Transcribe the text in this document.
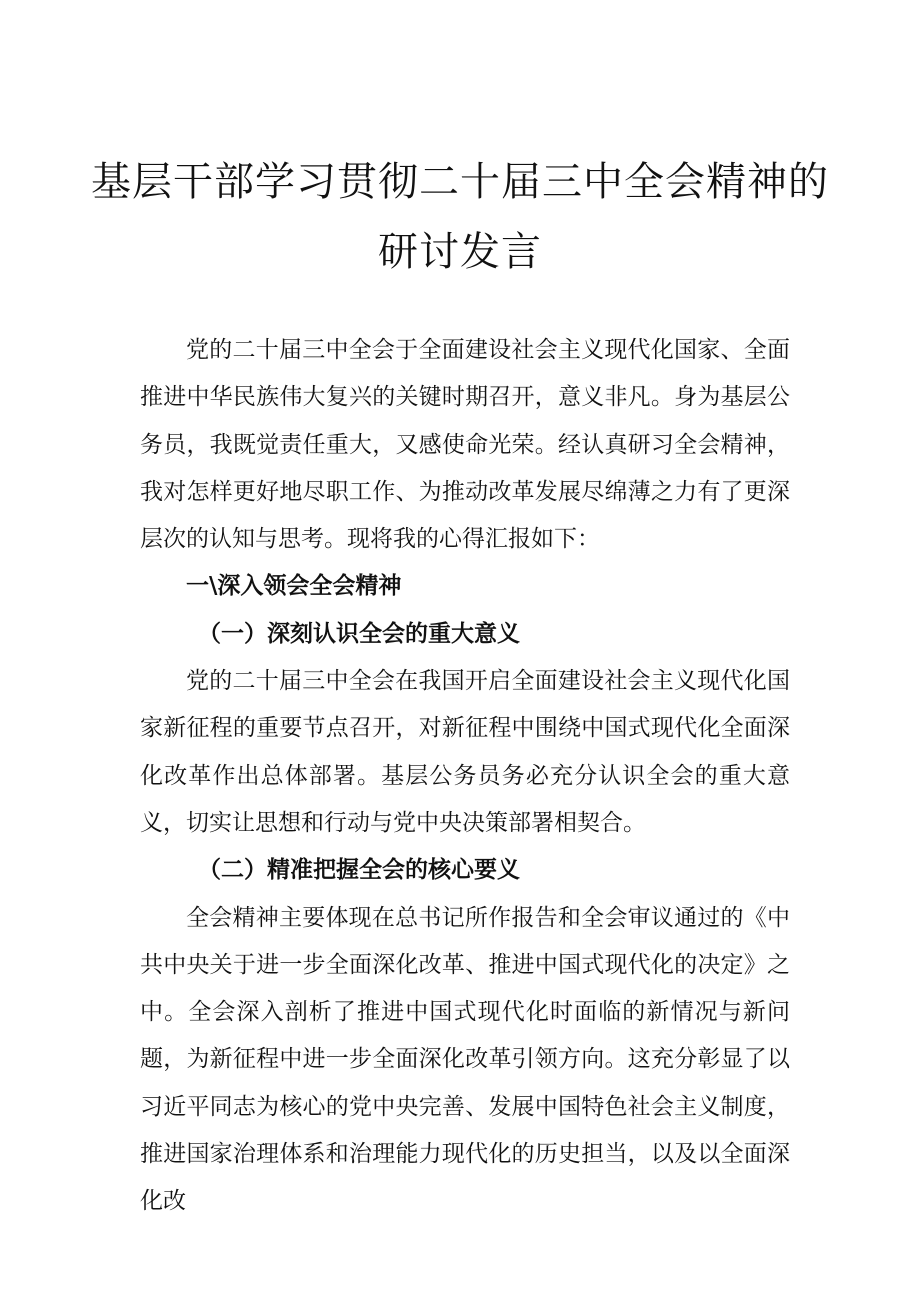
基层干部学习贯彻二十届三中全会精神的
研讨发言

党的二十届三中全会于全面建设社会主义现代化国家、全面推进中华民族伟大复兴的关键时期召开，意义非凡。身为基层公务员，我既觉责任重大，又感使命光荣。经认真研习全会精神，我对怎样更好地尽职工作、为推动改革发展尽绵薄之力有了更深层次的认知与思考。现将我的心得汇报如下：

一\深入领会全会精神

（一）深刻认识全会的重大意义

党的二十届三中全会在我国开启全面建设社会主义现代化国家新征程的重要节点召开，对新征程中围绕中国式现代化全面深化改革作出总体部署。基层公务员务必充分认识全会的重大意义，切实让思想和行动与党中央决策部署相契合。

（二）精准把握全会的核心要义

全会精神主要体现在总书记所作报告和全会审议通过的《中共中央关于进一步全面深化改革、推进中国式现代化的决定》之中。全会深入剖析了推进中国式现代化时面临的新情况与新问题，为新征程中进一步全面深化改革引领方向。这充分彰显了以习近平同志为核心的党中央完善、发展中国特色社会主义制度，推进国家治理体系和治理能力现代化的历史担当，以及以全面深化改
